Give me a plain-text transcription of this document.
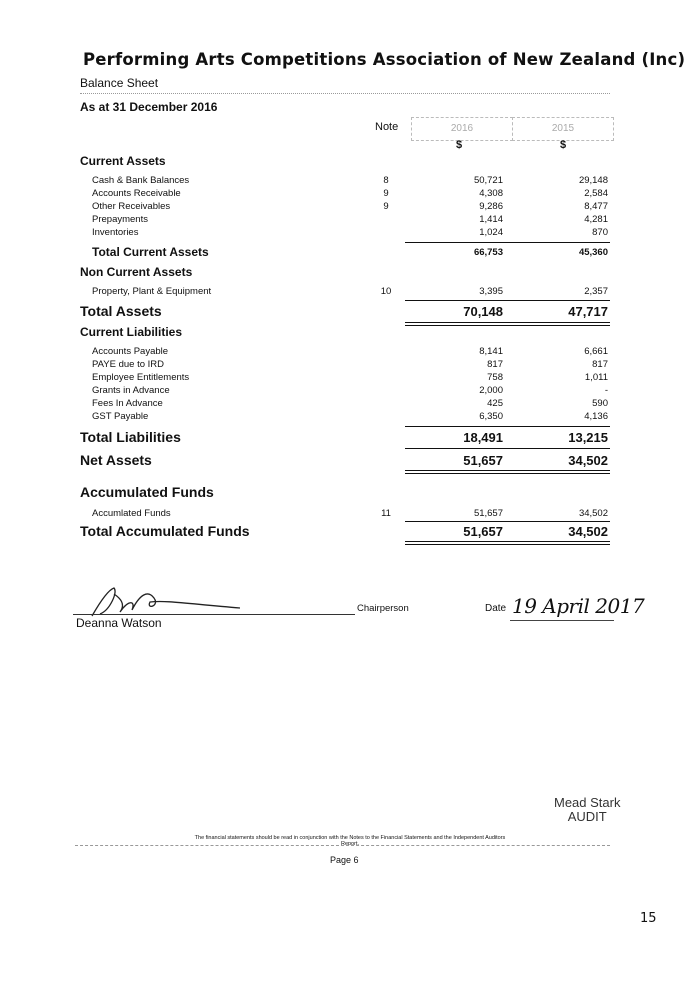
Performing Arts Competitions Association of New Zealand (Inc)
Balance Sheet
As at 31 December 2016
Note	2016	2015
$	$
Current Assets
Cash & Bank Balances	8	50,721	29,148
Accounts Receivable	9	4,308	2,584
Other Receivables	9	9,286	8,477
Prepayments	1,414	4,281
Inventories	1,024	870
Total Current Assets	66,753	45,360
Non Current Assets
Property, Plant & Equipment	10	3,395	2,357
Total Assets	70,148	47,717
Current Liabilities
Accounts Payable	8,141	6,661
PAYE due to IRD	817	817
Employee Entitlements	758	1,011
Grants in Advance	2,000	-
Fees In Advance	425	590
GST Payable	6,350	4,136
Total Liabilities	18,491	13,215
Net Assets	51,657	34,502
Accumulated Funds
Accumlated Funds	11	51,657	34,502
Total Accumulated Funds	51,657	34,502
Deanna Watson
Chairperson	Date 19 April 2017
Mead Stark
AUDIT
The financial statements should be read in conjunction with the Notes to the Financial Statements and the Independent Auditors Report.
Page 6
15
